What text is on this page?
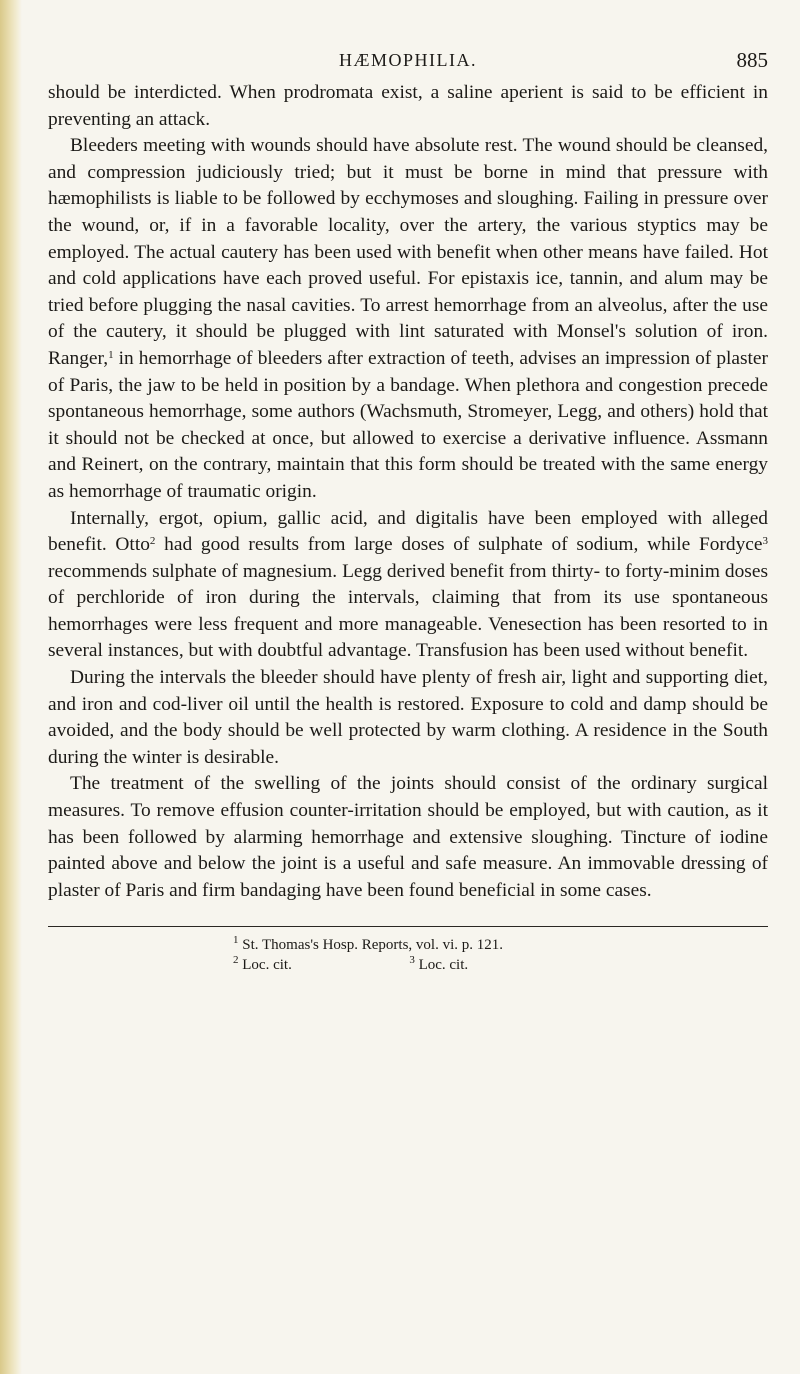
HÆMOPHILIA.	885

should be interdicted. When prodromata exist, a saline aperient is said to be efficient in preventing an attack.

Bleeders meeting with wounds should have absolute rest. The wound should be cleansed, and compression judiciously tried; but it must be borne in mind that pressure with hæmophilists is liable to be followed by ecchymoses and sloughing. Failing in pressure over the wound, or, if in a favorable locality, over the artery, the various styptics may be employed. The actual cautery has been used with benefit when other means have failed. Hot and cold applications have each proved useful. For epistaxis ice, tannin, and alum may be tried before plugging the nasal cavities. To arrest hemorrhage from an alveolus, after the use of the cautery, it should be plugged with lint saturated with Monsel's solution of iron. Ranger,$^1$ in hemorrhage of bleeders after extraction of teeth, advises an impression of plaster of Paris, the jaw to be held in position by a bandage. When plethora and congestion precede spontaneous hemorrhage, some authors (Wachsmuth, Stromeyer, Legg, and others) hold that it should not be checked at once, but allowed to exercise a derivative influence. Assmann and Reinert, on the contrary, maintain that this form should be treated with the same energy as hemorrhage of traumatic origin.

Internally, ergot, opium, gallic acid, and digitalis have been employed with alleged benefit. Otto$^2$ had good results from large doses of sulphate of sodium, while Fordyce$^3$ recommends sulphate of magnesium. Legg derived benefit from thirty- to forty-minim doses of perchloride of iron during the intervals, claiming that from its use spontaneous hemorrhages were less frequent and more manageable. Venesection has been resorted to in several instances, but with doubtful advantage. Transfusion has been used without benefit.

During the intervals the bleeder should have plenty of fresh air, light and supporting diet, and iron and cod-liver oil until the health is restored. Exposure to cold and damp should be avoided, and the body should be well protected by warm clothing. A residence in the South during the winter is desirable.

The treatment of the swelling of the joints should consist of the ordinary surgical measures. To remove effusion counter-irritation should be employed, but with caution, as it has been followed by alarming hemorrhage and extensive sloughing. Tincture of iodine painted above and below the joint is a useful and safe measure. An immovable dressing of plaster of Paris and firm bandaging have been found beneficial in some cases.

$^1$ St. Thomas's Hosp. Reports, vol. vi. p. 121.
$^2$ Loc. cit.	$^3$ Loc. cit.
